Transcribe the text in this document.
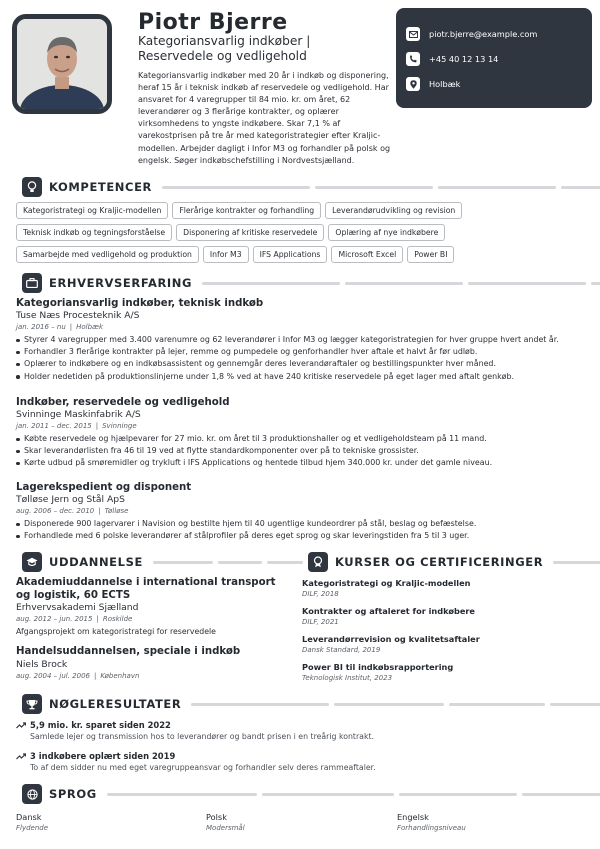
Piotr Bjerre
Kategoriansvarlig indkøber | Reservedele og vedligehold
Kategoriansvarlig indkøber med 20 år i indkøb og disponering, heraf 15 år i teknisk indkøb af reservedele og vedligehold. Har ansvaret for 4 varegrupper til 84 mio. kr. om året, 62 leverandører og 3 flerårige kontrakter, og oplærer virksomhedens to yngste indkøbere. Skar 7,1 % af varekostprisen på tre år med kategoristrategier efter Kraljic-modellen. Arbejder dagligt i Infor M3 og forhandler på polsk og engelsk. Søger indkøbschefstilling i Nordvestsjælland.
piotr.bjerre@example.com
+45 40 12 13 14
Holbæk
KOMPETENCER
Kategoristrategi og Kraljic-modellen	Flerårige kontrakter og forhandling	Leverandørudvikling og revision
Teknisk indkøb og tegningsforståelse	Disponering af kritiske reservedele	Oplæring af nye indkøbere
Samarbejde med vedligehold og produktion	Infor M3	IFS Applications	Microsoft Excel	Power BI
ERHVERVSERFARING
Kategoriansvarlig indkøber, teknisk indkøb
Tuse Næs Procesteknik A/S
jan. 2016 – nu | Holbæk
Styrer 4 varegrupper med 3.400 varenumre og 62 leverandører i Infor M3 og lægger kategoristrategien for hver gruppe hvert andet år.
Forhandler 3 flerårige kontrakter på lejer, remme og pumpedele og genforhandler hver aftale et halvt år før udløb.
Oplærer to indkøbere og en indkøbsassistent og gennemgår deres leverandøraftaler og bestillingspunkter hver måned.
Holder nedetiden på produktionslinjerne under 1,8 % ved at have 240 kritiske reservedele på eget lager med aftalt genkøb.
Indkøber, reservedele og vedligehold
Svinninge Maskinfabrik A/S
jan. 2011 – dec. 2015 | Svinninge
Købte reservedele og hjælpevarer for 27 mio. kr. om året til 3 produktionshaller og et vedligeholdsteam på 11 mand.
Skar leverandørlisten fra 46 til 19 ved at flytte standardkomponenter over på to tekniske grossister.
Kørte udbud på smøremidler og trykluft i IFS Applications og hentede tilbud hjem 340.000 kr. under det gamle niveau.
Lagerekspedient og disponent
Tølløse Jern og Stål ApS
aug. 2006 – dec. 2010 | Tølløse
Disponerede 900 lagervarer i Navision og bestilte hjem til 40 ugentlige kundeordrer på stål, beslag og befæstelse.
Forhandlede med 6 polske leverandører af stålprofiler på deres eget sprog og skar leveringstiden fra 5 til 3 uger.
UDDANNELSE
Akademiuddannelse i international transport og logistik, 60 ECTS
Erhvervsakademi Sjælland
aug. 2012 – jun. 2015 | Roskilde
Afgangsprojekt om kategoristrategi for reservedele
Handelsuddannelsen, speciale i indkøb
Niels Brock
aug. 2004 – jul. 2006 | København
KURSER OG CERTIFICERINGER
Kategoristrategi og Kraljic-modellen
DILF, 2018
Kontrakter og aftaleret for indkøbere
DILF, 2021
Leverandørrevision og kvalitetsaftaler
Dansk Standard, 2019
Power BI til indkøbsrapportering
Teknologisk Institut, 2023
NØGLERESULTATER
5,9 mio. kr. sparet siden 2022
Samlede lejer og transmission hos to leverandører og bandt prisen i en treårig kontrakt.
3 indkøbere oplært siden 2019
To af dem sidder nu med eget varegruppeansvar og forhandler selv deres rammeaftaler.
SPROG
Dansk
Flydende
Polsk
Modersmål
Engelsk
Forhandlingsniveau
